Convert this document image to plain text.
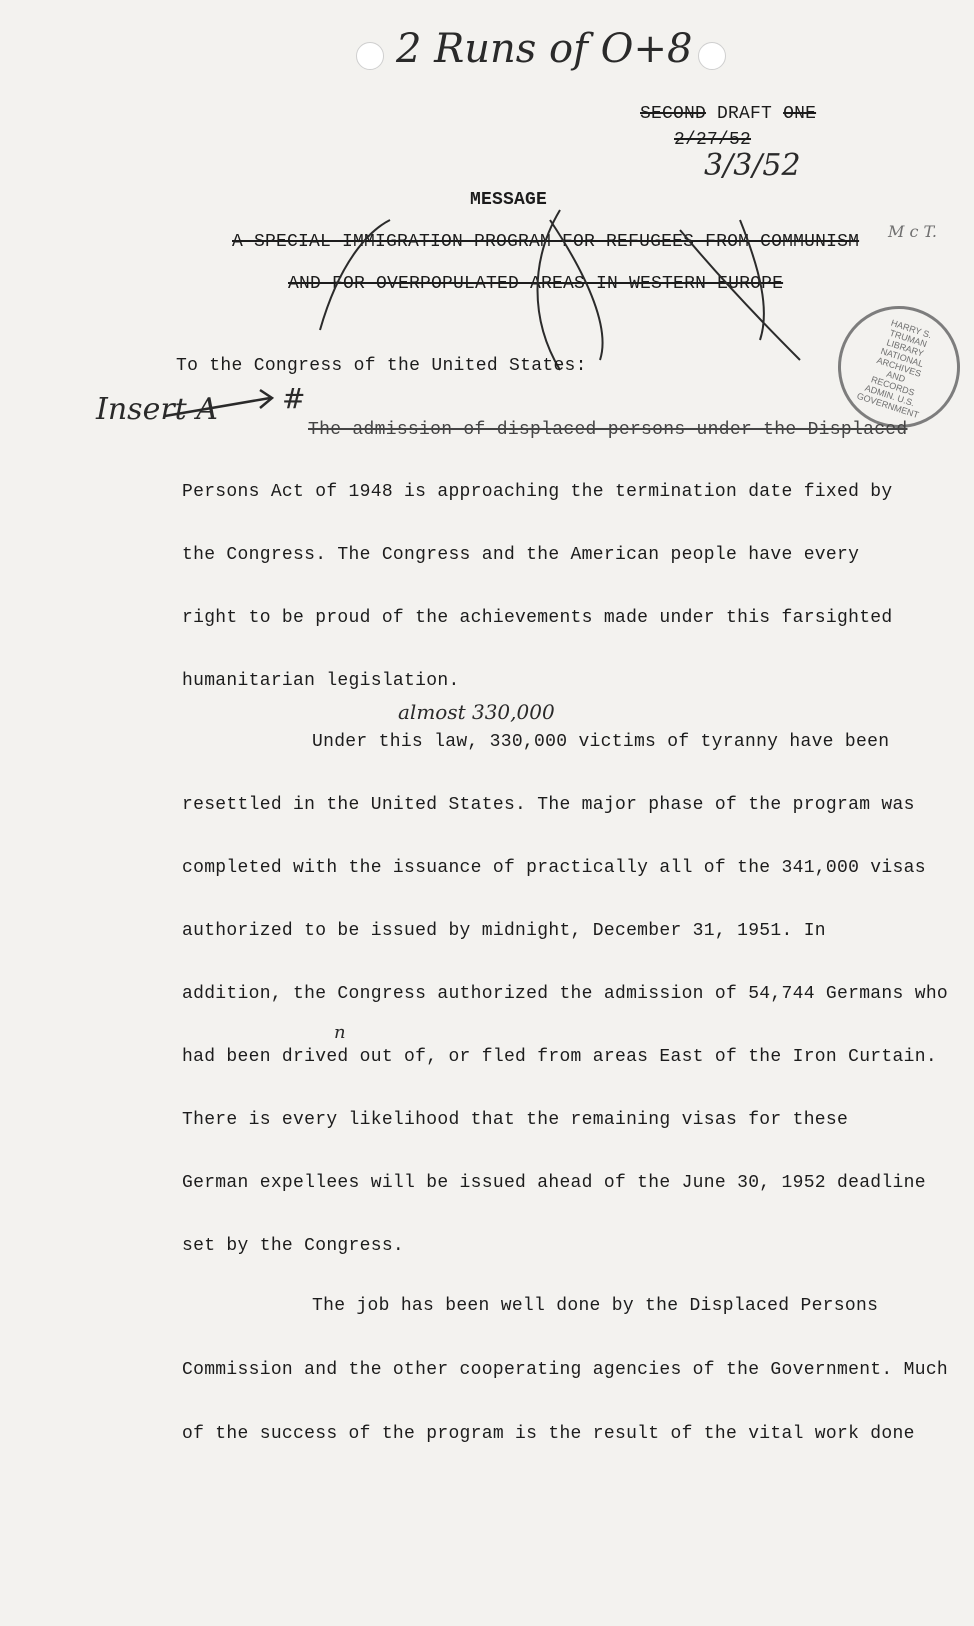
2 Runs of O+8
SECOND DRAFT ONE
2/27/52
3/3/52
M c T.
MESSAGE
A SPECIAL IMMIGRATION PROGRAM FOR REFUGEES FROM COMMUNISM
AND FOR OVERPOPULATED AREAS IN WESTERN EUROPE
HARRY S. TRUMAN LIBRARY NATIONAL ARCHIVES AND RECORDS ADMIN. U.S. GOVERNMENT
To the Congress of the United States:
Insert A #
The admission of displaced persons under the Displaced
Persons Act of 1948 is approaching the termination date fixed by
the Congress. The Congress and the American people have every
right to be proud of the achievements made under this farsighted
humanitarian legislation.
almost 330,000
n
Under this law, 330,000 victims of tyranny have been
resettled in the United States. The major phase of the program was
completed with the issuance of practically all of the 341,000 visas
authorized to be issued by midnight, December 31, 1951. In
addition, the Congress authorized the admission of 54,744 Germans who
had been drived out of, or fled from areas East of the Iron Curtain.
There is every likelihood that the remaining visas for these
German expellees will be issued ahead of the June 30, 1952 deadline
set by the Congress.
The job has been well done by the Displaced Persons
Commission and the other cooperating agencies of the Government. Much
of the success of the program is the result of the vital work done
